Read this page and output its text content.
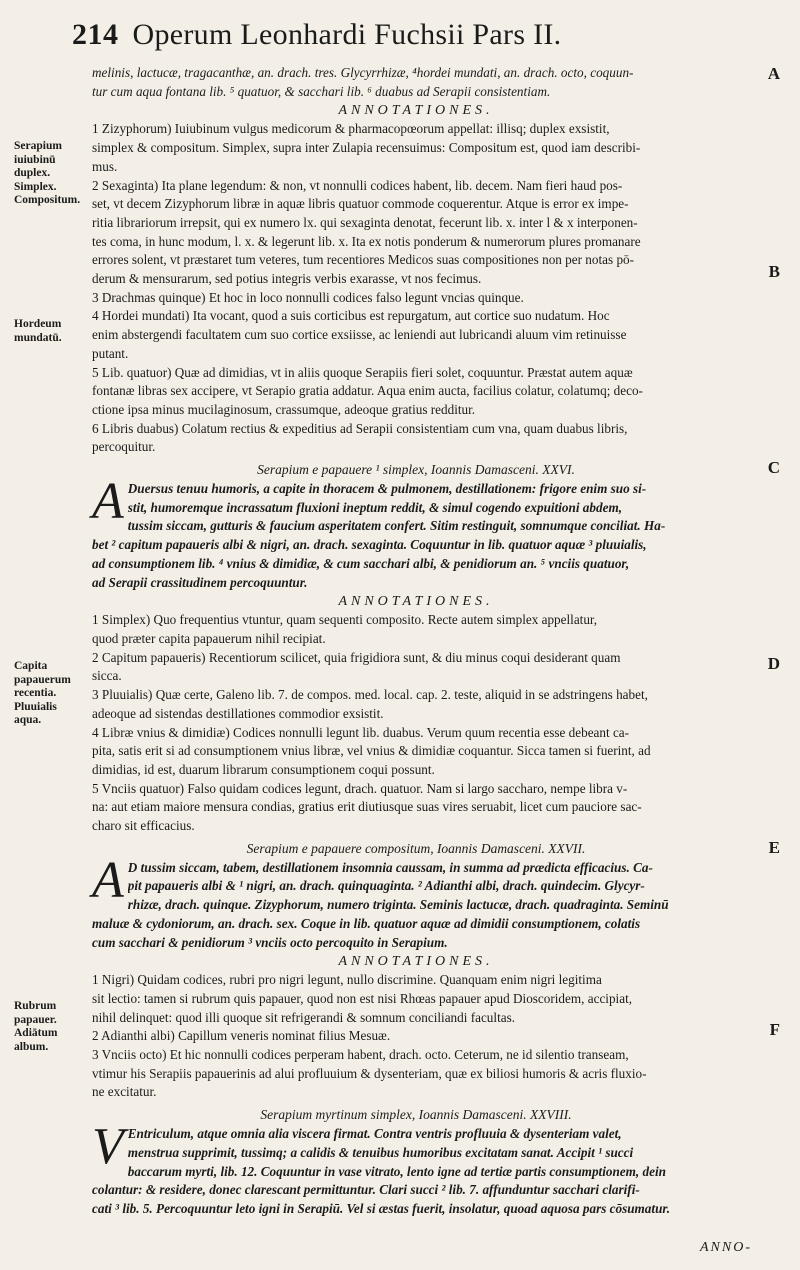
214 Operum Leonhardi Fuchsii Pars II.
Serapium iuiubinū duplex. Simplex. Compositum.
Hordeum mundatū.
Capita papauerum recentia. Pluuialis aqua.
Rubrum papauer. Adiātum album.
A
B
C
D
E
F
melinis, lactucæ, tragacanthæ, an. drach. tres. Glycyrrhizæ, ⁴hordei mundati, an. drach. octo, coquun-
tur cum aqua fontana lib. ⁵ quatuor, & sacchari lib. ⁶ duabus ad Serapii consistentiam.
ANNOTATIONES.
1 Zizyphorum) Iuiubinum vulgus medicorum & pharmacopœorum appellat: illisq; duplex exsistit,
simplex & compositum. Simplex, supra inter Zulapia recensuimus: Compositum est, quod iam describi-
mus.
2 Sexaginta) Ita plane legendum: & non, vt nonnulli codices habent, lib. decem. Nam fieri haud pos-
set, vt decem Zizyphorum libræ in aquæ libris quatuor commode coquerentur. Atque is error ex impe-
ritia librariorum irrepsit, qui ex numero lx. qui sexaginta denotat, fecerunt lib. x. inter l & x interponen-
tes coma, in hunc modum, l. x. & legerunt lib. x. Ita ex notis ponderum & numerorum plures promanare
errores solent, vt præstaret tum veteres, tum recentiores Medicos suas compositiones non per notas pō-
derum & mensurarum, sed potius integris verbis exarasse, vt nos fecimus.
3 Drachmas quinque) Et hoc in loco nonnulli codices falso legunt vncias quinque.
4 Hordei mundati) Ita vocant, quod a suis corticibus est repurgatum, aut cortice suo nudatum. Hoc
enim abstergendi facultatem cum suo cortice exsiisse, ac leniendi aut lubricandi aluum vim retinuisse
putant.
5 Lib. quatuor) Quæ ad dimidias, vt in aliis quoque Serapiis fieri solet, coquuntur. Præstat autem aquæ
fontanæ libras sex accipere, vt Serapio gratia addatur. Aqua enim aucta, facilius colatur, colatumq; deco-
ctione ipsa minus mucilaginosum, crassumque, adeoque gratius redditur.
6 Libris duabus) Colatum rectius & expeditius ad Serapii consistentiam cum vna, quam duabus libris,
percoquitur.
Serapium e papauere ¹ simplex, Ioannis Damasceni. XXVI.
A Duersus tenuu humoris, a capite in thoracem & pulmonem, destillationem: frigore enim suo si-
stit, humoremque incrassatum fluxioni ineptum reddit, & simul cogendo expuitioni abdem,
tussim siccam, gutturis & faucium asperitatem confert. Sitim restinguit, somnumque conciliat. Ha-
bet ² capitum papaueris albi & nigri, an. drach. sexaginta. Coquuntur in lib. quatuor aquæ ³ pluuialis,
ad consumptionem lib. ⁴ vnius & dimidiæ, & cum sacchari albi, & penidiorum an. ⁵ vnciis quatuor,
ad Serapii crassitudinem percoquuntur.
ANNOTATIONES.
1 Simplex) Quo frequentius vtuntur, quam sequenti composito. Recte autem simplex appellatur,
quod præter capita papauerum nihil recipiat.
2 Capitum papaueris) Recentiorum scilicet, quia frigidiora sunt, & diu minus coqui desiderant quam
sicca.
3 Pluuialis) Quæ certe, Galeno lib. 7. de compos. med. local. cap. 2. teste, aliquid in se adstringens habet,
adeoque ad sistendas destillationes commodior exsistit.
4 Libræ vnius & dimidiæ) Codices nonnulli legunt lib. duabus. Verum quum recentia esse debeant ca-
pita, satis erit si ad consumptionem vnius libræ, vel vnius & dimidiæ coquantur. Sicca tamen si fuerint, ad
dimidias, id est, duarum librarum consumptionem coqui possunt.
5 Vnciis quatuor) Falso quidam codices legunt, drach. quatuor. Nam si largo saccharo, nempe libra v-
na: aut etiam maiore mensura condias, gratius erit diutiusque suas vires seruabit, licet cum pauciore sac-
charo sit efficacius.
Serapium e papauere compositum, Ioannis Damasceni. XXVII.
A D tussim siccam, tabem, destillationem insomnia caussam, in summa ad prædicta efficacius. Ca-
pit papaueris albi & ¹ nigri, an. drach. quinquaginta. ² Adianthi albi, drach. quindecim. Glycyr-
rhizæ, drach. quinque. Zizyphorum, numero triginta. Seminis lactucæ, drach. quadraginta. Seminū
maluæ & cydoniorum, an. drach. sex. Coque in lib. quatuor aquæ ad dimidii consumptionem, colatis
cum sacchari & penidiorum ³ vnciis octo percoquito in Serapium.
ANNOTATIONES.
1 Nigri) Quidam codices, rubri pro nigri legunt, nullo discrimine. Quanquam enim nigri legitima
sit lectio: tamen si rubrum quis papauer, quod non est nisi Rhœas papauer apud Dioscoridem, accipiat,
nihil delinquet: quod illi quoque sit refrigerandi & somnum conciliandi facultas.
2 Adianthi albi) Capillum veneris nominat filius Mesuæ.
3 Vnciis octo) Et hic nonnulli codices perperam habent, drach. octo. Ceterum, ne id silentio transeam,
vtimur his Serapiis papauerinis ad alui profluuium & dysenteriam, quæ ex biliosi humoris & acris fluxio-
ne excitatur.
Serapium myrtinum simplex, Ioannis Damasceni. XXVIII.
V Entriculum, atque omnia alia viscera firmat. Contra ventris profluuia & dysenteriam valet,
menstrua supprimit, tussimq; a calidis & tenuibus humoribus excitatam sanat. Accipit ¹ succi
baccarum myrti, lib. 12. Coquuntur in vase vitrato, lento igne ad tertiæ partis consumptionem, dein
colantur: & residere, donec clarescant permittuntur. Clari succi ² lib. 7. affunduntur sacchari clarifi-
cati ³ lib. 5. Percoquuntur leto igni in Serapiū. Vel si æstas fuerit, insolatur, quoad aquosa pars cōsumatur.
ANNO-
